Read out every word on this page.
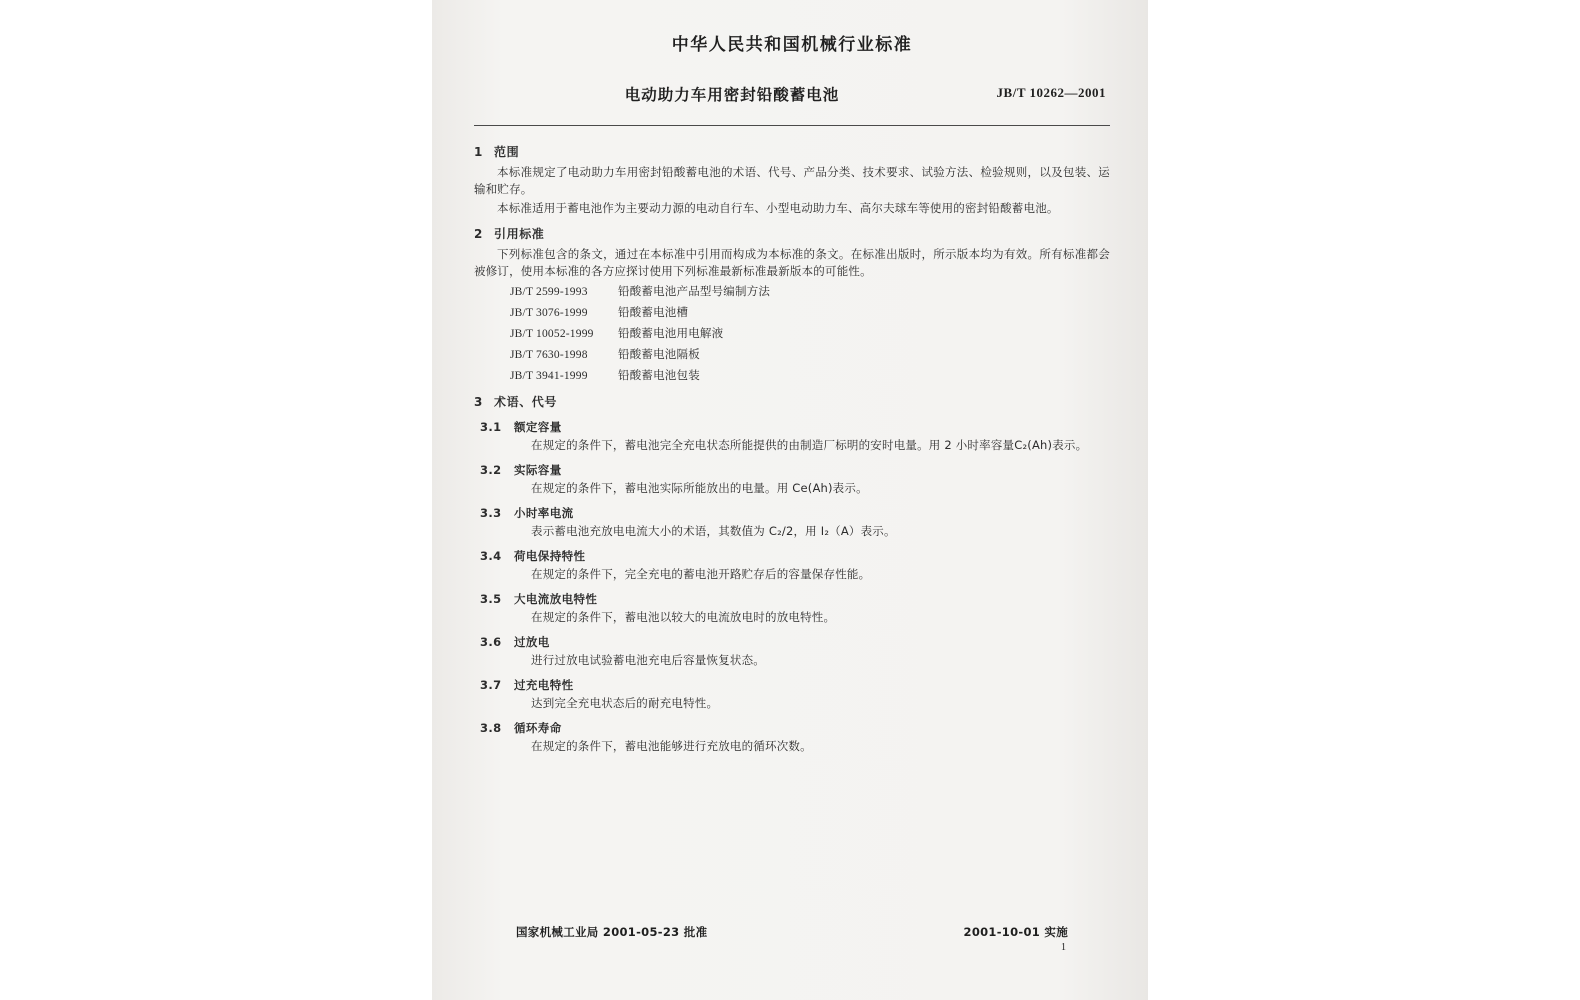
中华人民共和国机械行业标准
电动助力车用密封铅酸蓄电池	JB/T 10262—2001
1 范围

本标准规定了电动助力车用密封铅酸蓄电池的术语、代号、产品分类、技术要求、试验方法、检验规则，以及包装、运输和贮存。

本标准适用于蓄电池作为主要动力源的电动自行车、小型电动助力车、高尔夫球车等使用的密封铅酸蓄电池。

2 引用标准

下列标准包含的条文，通过在本标准中引用而构成为本标准的条文。在标准出版时，所示版本均为有效。所有标准都会被修订，使用本标准的各方应探讨使用下列标准最新标准最新版本的可能性。

JB/T 2599-1993	铅酸蓄电池产品型号编制方法
JB/T 3076-1999	铅酸蓄电池槽
JB/T 10052-1999 铅酸蓄电池用电解液
JB/T 7630-1998	铅酸蓄电池隔板
JB/T 3941-1999	铅酸蓄电池包装
3 术语、代号
3.1 额定容量

在规定的条件下，蓄电池完全充电状态所能提供的由制造厂标明的安时电量。用 2 小时率容量C₂(Ah)表示。

3.2 实际容量

在规定的条件下，蓄电池实际所能放出的电量。用 Ce(Ah)表示。

3.3 小时率电流

表示蓄电池充放电电流大小的术语，其数值为 C₂/2，用 I₂（A）表示。

3.4 荷电保持特性

在规定的条件下，完全充电的蓄电池开路贮存后的容量保存性能。

3.5 大电流放电特性

在规定的条件下，蓄电池以较大的电流放电时的放电特性。

3.6 过放电

进行过放电试验蓄电池充电后容量恢复状态。

3.7 过充电特性

达到完全充电状态后的耐充电特性。

3.8 循环寿命

在规定的条件下，蓄电池能够进行充放电的循环次数。

国家机械工业局 2001-05-23 批准	2001-10-01 实施
1
